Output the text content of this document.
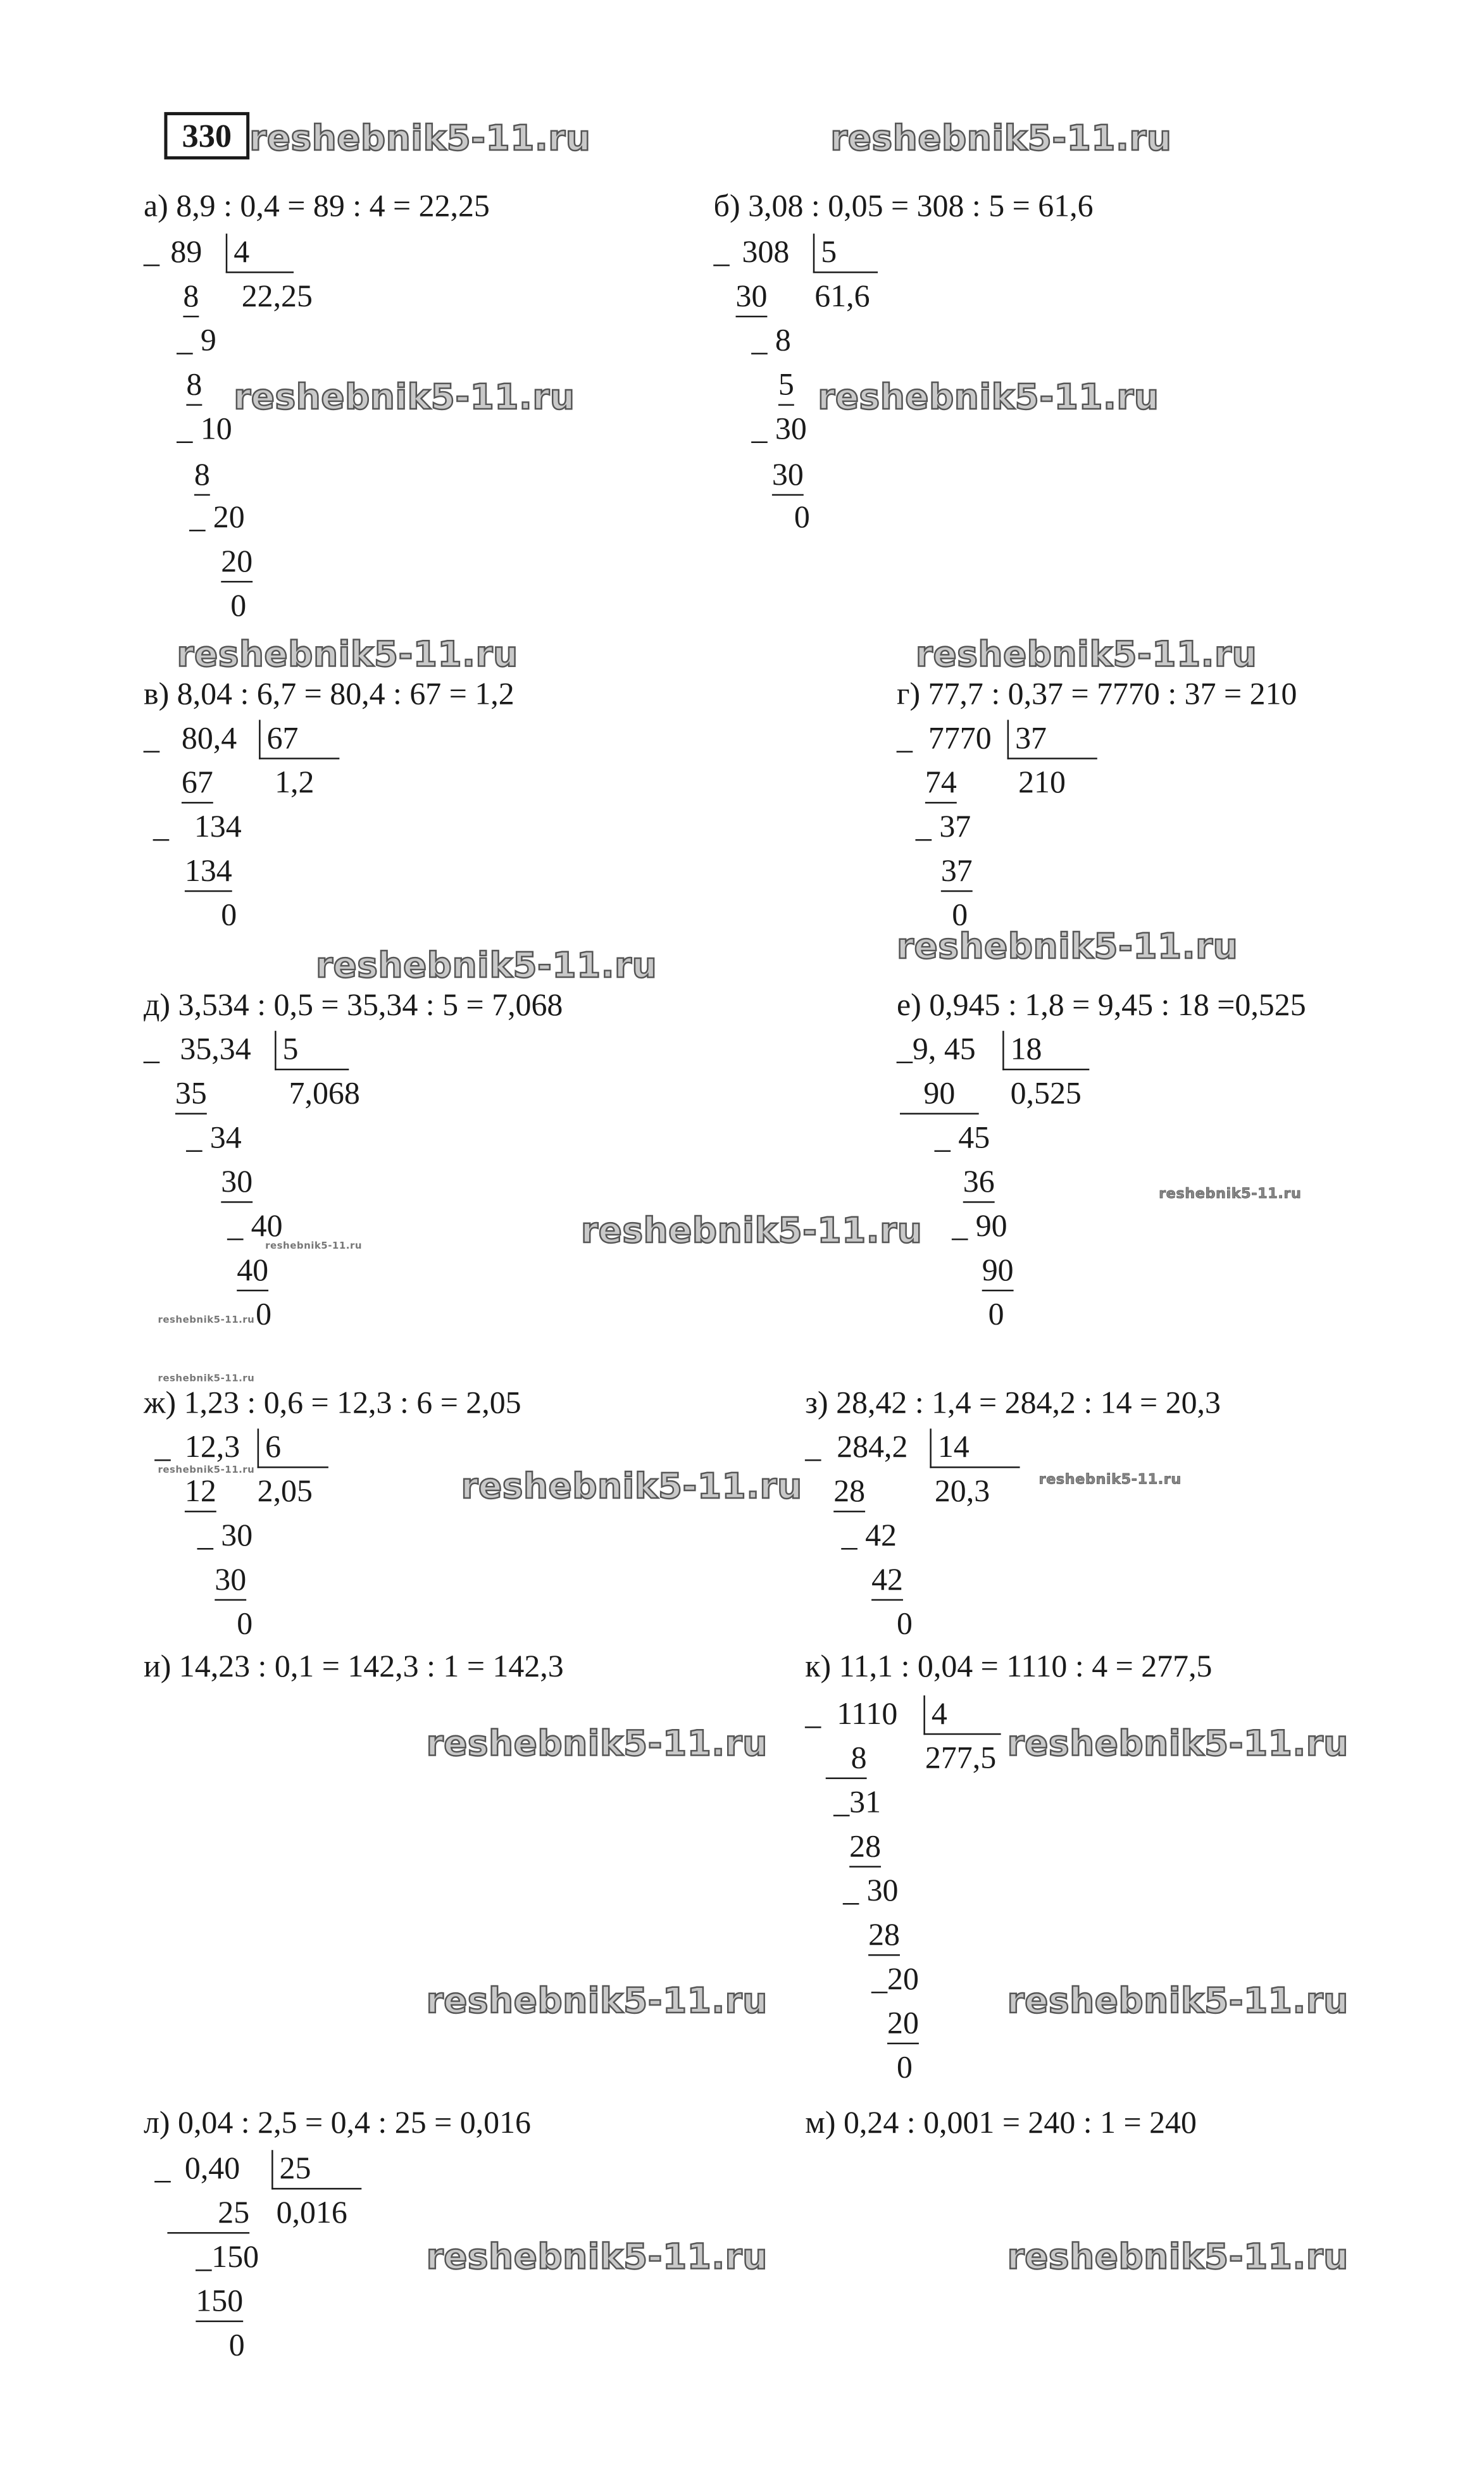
330	reshebnik5-11.ru	reshebnik5-11.ru
reshebnik5-11.ru	reshebnik5-11.ru
reshebnik5-11.ru	reshebnik5-11.ru
reshebnik5-11.ru	reshebnik5-11.ru
reshebnik5-11.ru
reshebnik5-11.ru
reshebnik5-11.ru
reshebnik5-11.ru
reshebnik5-11.ru
reshebnik5-11.ru	reshebnik5-11.ru	reshebnik5-11.ru
reshebnik5-11.ru	reshebnik5-11.ru
reshebnik5-11.ru	reshebnik5-11.ru
reshebnik5-11.ru	reshebnik5-11.ru
а) 8,9 : 0,4 = 89 : 4 = 22,25
_ 89	4
8	22,25
_ 9
8
_ 10
8
_ 20
20
0
б) 3,08 : 0,05 = 308 : 5 = 61,6
_ 308	5
30	61,6
_ 8
5
_ 30
30
0
в) 8,04 : 6,7 = 80,4 : 67 = 1,2
_ 80,4	67
67	1,2
_ 134
134
0
г) 77,7 : 0,37 = 7770 : 37 = 210
_ 7770	37
74	210
_ 37
37
0
д) 3,534 : 0,5 = 35,34 : 5 = 7,068
_ 35,34	5
35	7,068
_ 34
30
_ 40
40
0
е) 0,945 : 1,8 = 9,45 : 18 =0,525
_9, 45	18
90	0,525
_ 45
36
_ 90
90
0
ж) 1,23 : 0,6 = 12,3 : 6 = 2,05
_ 12,3	6
12	2,05
_ 30
30
0
з) 28,42 : 1,4 = 284,2 : 14 = 20,3
_ 284,2	14
28	20,3
_ 42
42
0
и) 14,23 : 0,1 = 142,3 : 1 = 142,3	к) 11,1 : 0,04 = 1110 : 4 = 277,5
_ 1110	4
8	277,5
_31
28
_ 30
28
_20
20
0
л) 0,04 : 2,5 = 0,4 : 25 = 0,016
_ 0,40	25
25 0,016
_150
150
0
м) 0,24 : 0,001 = 240 : 1 = 240
